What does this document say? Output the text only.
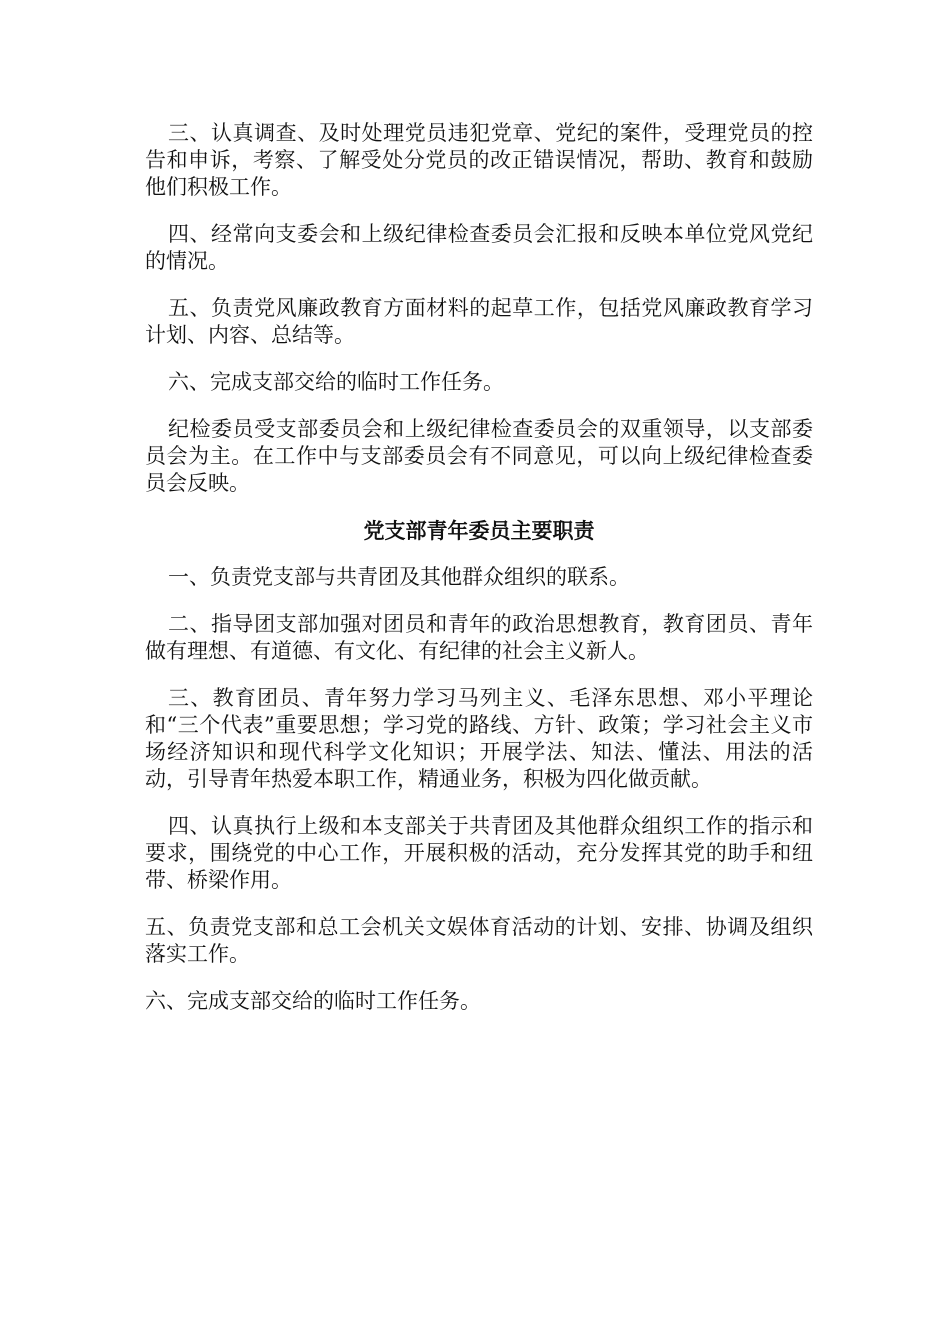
三、认真调查、及时处理党员违犯党章、党纪的案件，受理党员的控告和申诉，考察、了解受处分党员的改正错误情况，帮助、教育和鼓励他们积极工作。

四、经常向支委会和上级纪律检查委员会汇报和反映本单位党风党纪的情况。

五、负责党风廉政教育方面材料的起草工作，包括党风廉政教育学习计划、内容、总结等。

六、完成支部交给的临时工作任务。

纪检委员受支部委员会和上级纪律检查委员会的双重领导，以支部委员会为主。在工作中与支部委员会有不同意见，可以向上级纪律检查委员会反映。

党支部青年委员主要职责

一、负责党支部与共青团及其他群众组织的联系。

二、指导团支部加强对团员和青年的政治思想教育，教育团员、青年做有理想、有道德、有文化、有纪律的社会主义新人。

三、教育团员、青年努力学习马列主义、毛泽东思想、邓小平理论和“三个代表”重要思想；学习党的路线、方针、政策；学习社会主义市场经济知识和现代科学文化知识；开展学法、知法、懂法、用法的活动，引导青年热爱本职工作，精通业务，积极为四化做贡献。

四、认真执行上级和本支部关于共青团及其他群众组织工作的指示和要求，围绕党的中心工作，开展积极的活动，充分发挥其党的助手和纽带、桥梁作用。

五、负责党支部和总工会机关文娱体育活动的计划、安排、协调及组织落实工作。

六、完成支部交给的临时工作任务。
